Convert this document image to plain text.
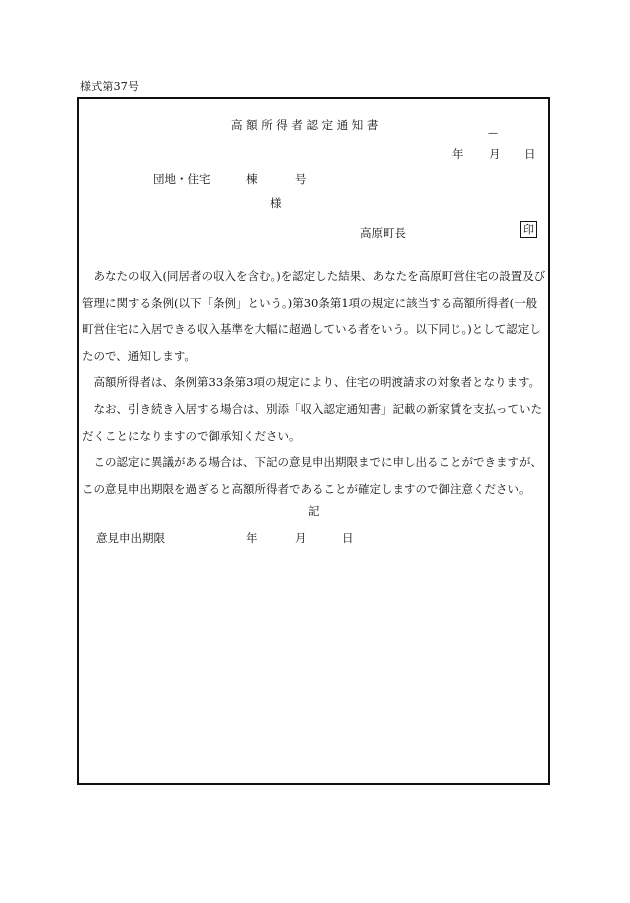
様式第37号
高額所得者認定通知書
—
年 月 日
団地・住宅	棟	号
様
高原町長	印

あなたの収入(同居者の収入を含む。)を認定した結果、あなたを高原町営住宅の設置及び管理に関する条例(以下「条例」という。)第30条第1項の規定に該当する高額所得者(一般町営住宅に入居できる収入基準を大幅に超過している者をいう。以下同じ。)として認定したので、通知します。

高額所得者は、条例第33条第3項の規定により、住宅の明渡請求の対象者となります。

なお、引き続き入居する場合は、別添「収入認定通知書」記載の新家賃を支払っていただくことになりますので御承知ください。

この認定に異議がある場合は、下記の意見申出期限までに申し出ることができますが、この意見申出期限を過ぎると高額所得者であることが確定しますので御注意ください。

記
意見申出期限	年	月	日
